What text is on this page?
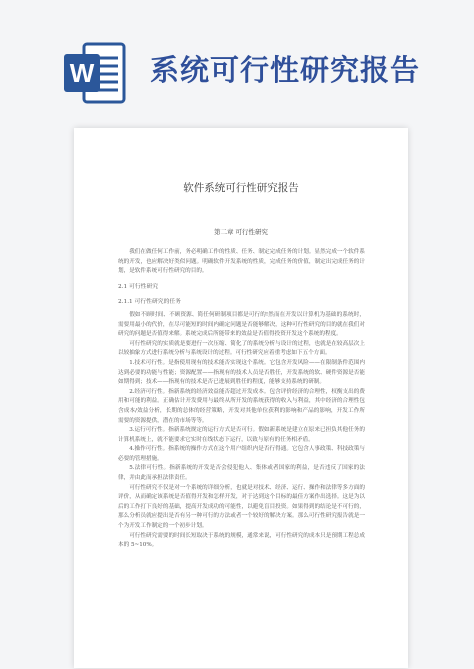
W 系统可行性研究报告
软件系统可行性研究报告
第二章 可行性研究

我们在做任何工作前，务必明确工作的性质、任务、制定完成任务的计划。显然完成一个软件系统的开发，也应解决好类似问题。明确软件开发系统的性质，完成任务的价值，制定出完成任务的计划，是软件系统可行性研究的目的。

2.1 可行性研究
2.1.1 可行性研究的任务

假如不顾时间、不顾资源、简任何研制项目都是可行的!然而在开发以计算机为基础的系统时，需要用最小的代价，在尽可能短的时间内确定问题是否能够解决，这种可行性研究的目的就在我们对研究的问题是否值得来解。系统完成后所能带来的效益是否值得投资开发这个系统的程度。

可行性研究的实质就是要进行一次压缩、简化了的系统分析与设计的过程，也就是在较高层次上以较抽象方式进行系统分析与系统设计的过程。可行性研究应着重考虑如下五个方面。

1.技术可行性。是指使用现有的技术能否实现这个系统。它包含开发风险——在限制条件范围内达到必要的功能与性能；资源配置——指现有的技术人员是否胜任，开发系统的软、硬件资源是否能如期得到；技术——指现有的技术是否已进展到胜任的程度，能够支持系统的研制。

2.经济可行性。指新系统的经济效益能否超过开发成本。包含评价经济的合理性，权衡支出的费用和可能的利益。正确估计开发费用与最终从所开发的系统获得的收入与利益，其中经济的合理性包含成本/效益分析，长期的总体的经营策略，开发对其他单位获利的影响和产品的影响，开发工作所需要的资源提供，潜在的市场等等。

3.运行可行性。指新系统规定的运行方式是否可行。假如新系统是建立在原来已担负其他任务的计算机系统上，就不能要求它实时在线状态下运行，以致与原有的任务相矛盾。

4.操作可行性。指系统的操作方式在这个用户组织内是否行得通。它包含人事政策、科技政策与必要的管理措施。

5.法律可行性。指新系统的开发是否会侵犯他人、集体或者国家的利益，是否违反了国家的法律，并由此而承担法律责任。

可行性研究不仅是对一个系统的详细分析，也就是对技术、经济、运行、操作和法律等多方面的评价，从而确定该系统是否值得开发和怎样开发，对于达到这个目标的最佳方案作出选择。这是为以后的工作打下良好的基础，提高开发成功的可能性，以避免盲目投资。如果得到的结论是不可行的，那么分析员就应提出是否有另一种可行的方法或者一个较好的解决方案。那么可行性研究报告就是一个为开发工作制定的一个初步计划。

可行性研究需要的时间长短取决于系统的规模，通常来说，可行性研究的成本只是预期工程总成本的 5~10%。
